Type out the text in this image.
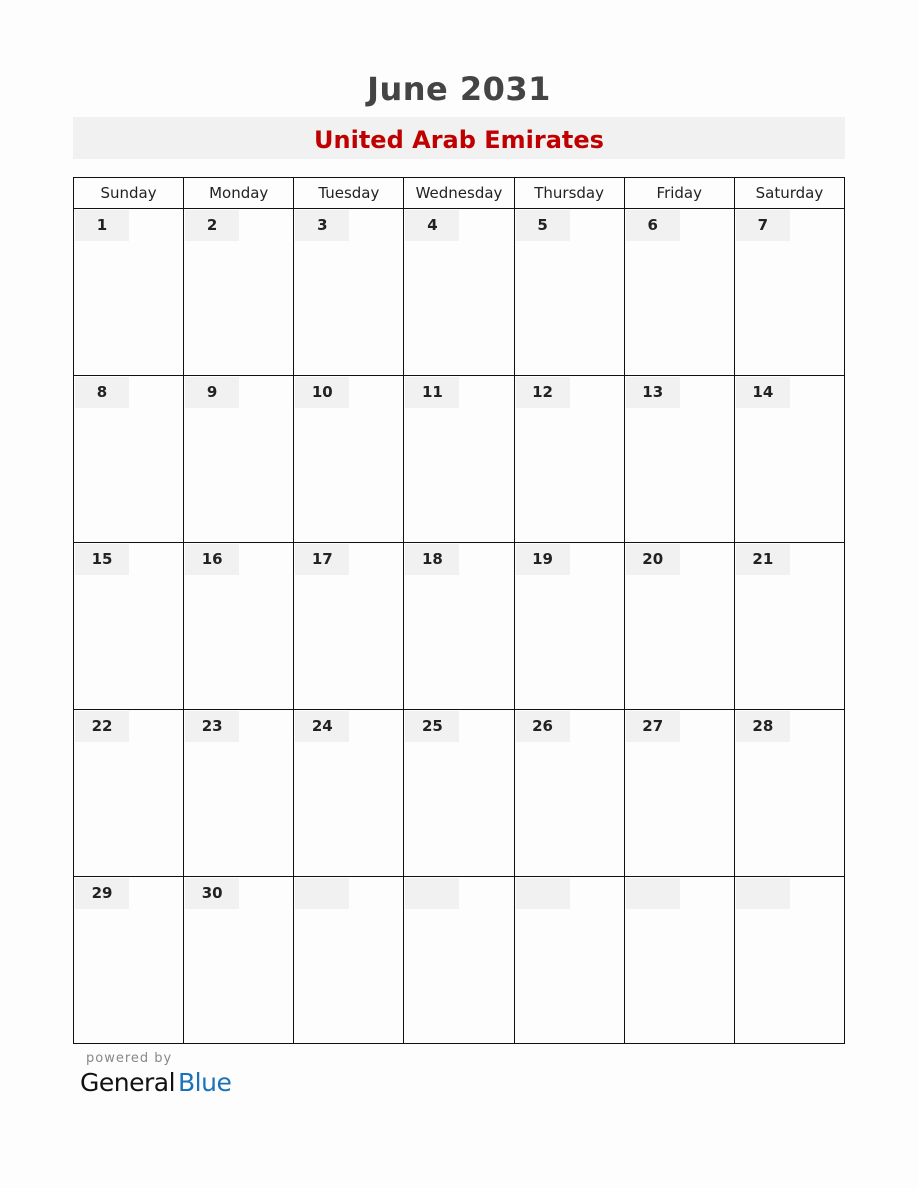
June 2031
United Arab Emirates
Sunday	Monday	Tuesday	Wednesday	Thursday	Friday	Saturday

1	2	3	4	5	6	7

8	9	10	11	12	13	14

15	16	17	18	19	20	21

22	23	24	25	26	27	28

29	30					

powered by
General Blue
